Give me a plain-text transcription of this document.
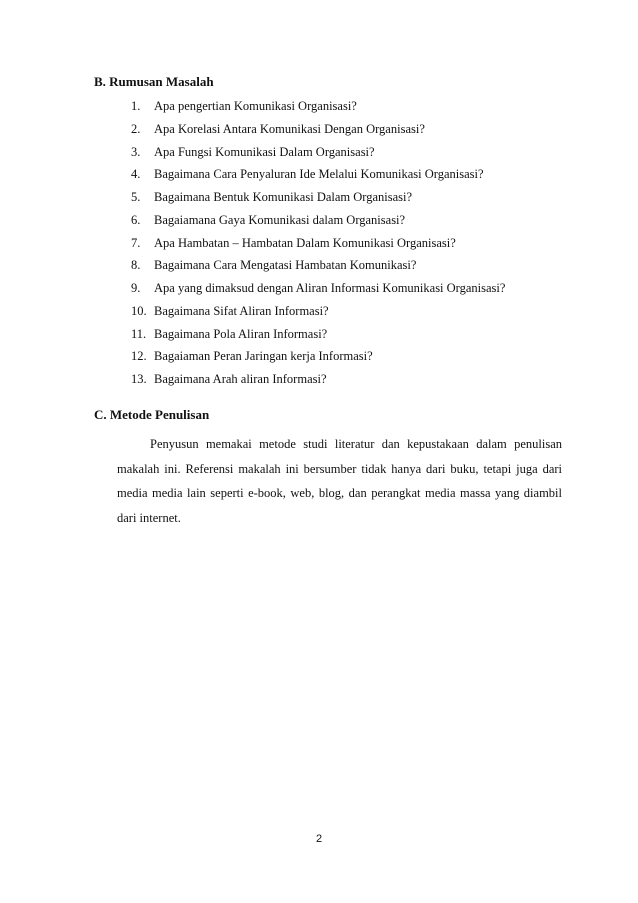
B. Rumusan Masalah
1. Apa pengertian Komunikasi Organisasi?
2. Apa Korelasi Antara Komunikasi Dengan Organisasi?
3. Apa Fungsi Komunikasi Dalam Organisasi?
4. Bagaimana Cara Penyaluran Ide Melalui Komunikasi Organisasi?
5. Bagaimana Bentuk Komunikasi Dalam Organisasi?
6. Bagaiamana Gaya Komunikasi dalam Organisasi?
7. Apa Hambatan – Hambatan Dalam Komunikasi Organisasi?
8. Bagaimana Cara Mengatasi Hambatan Komunikasi?
9. Apa yang dimaksud dengan Aliran Informasi Komunikasi Organisasi?
10. Bagaimana Sifat Aliran Informasi?
11. Bagaimana Pola Aliran Informasi?
12. Bagaiaman Peran Jaringan kerja Informasi?
13. Bagaimana Arah aliran Informasi?
C. Metode Penulisan
Penyusun memakai metode studi literatur dan kepustakaan dalam penulisan
makalah ini. Referensi makalah ini bersumber tidak hanya dari buku, tetapi juga dari
media media lain seperti e-book, web, blog, dan perangkat media massa yang diambil
dari internet.
2
